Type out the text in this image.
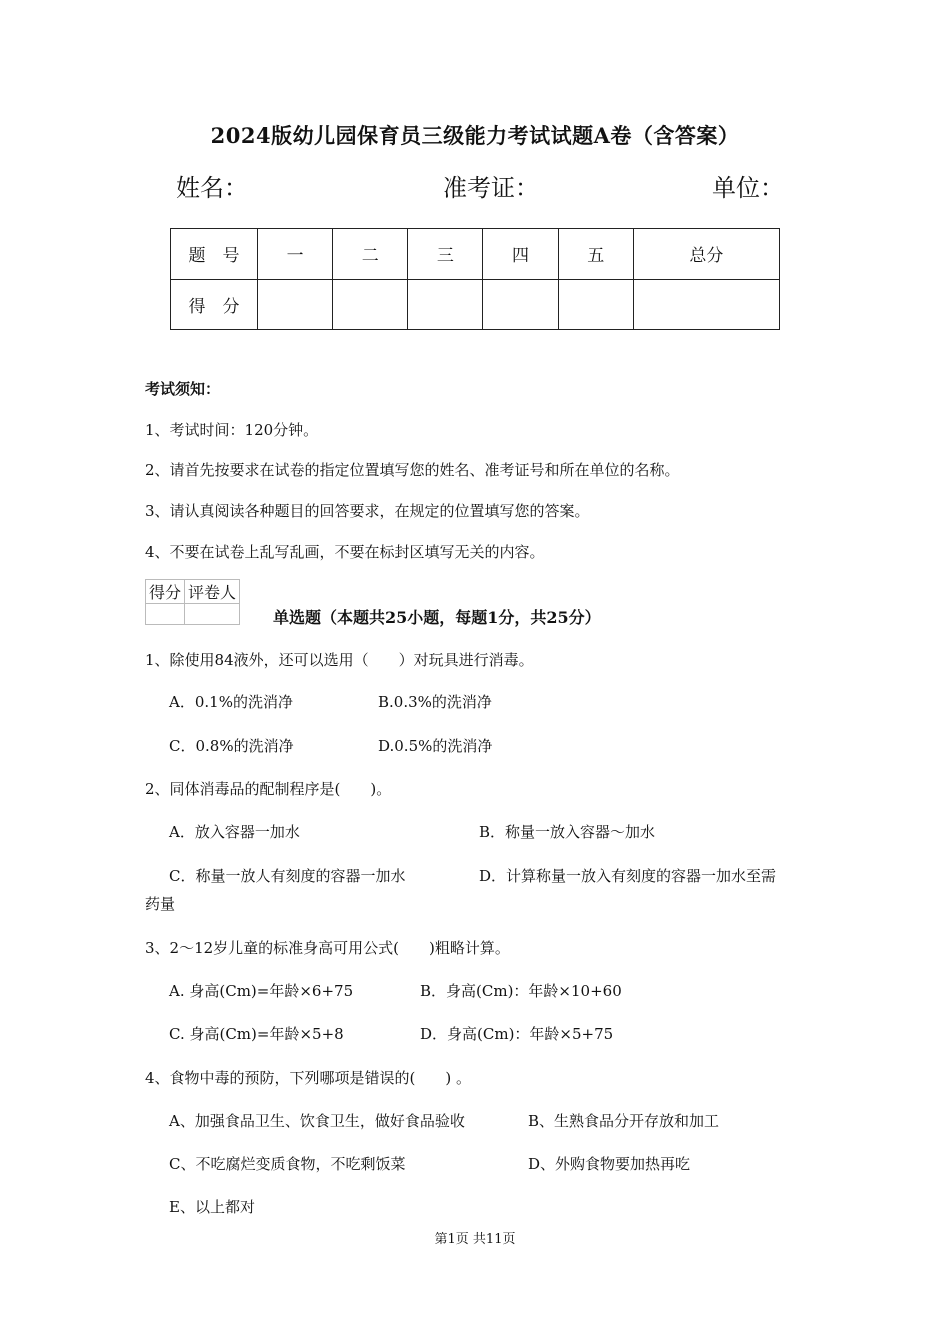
2024版幼儿园保育员三级能力考试试题A卷（含答案）
姓名：	准考证：	单位：
题　号	一	二	三	四	五	总分
得　分						
考试须知：
1、考试时间：120分钟。
2、请首先按要求在试卷的指定位置填写您的姓名、准考证号和所在单位的名称。
3、请认真阅读各种题目的回答要求，在规定的位置填写您的答案。
4、不要在试卷上乱写乱画，不要在标封区填写无关的内容。
得分	评卷人

单选题（本题共25小题，每题1分，共25分）
1、除使用84液外，还可以选用（　　）对玩具进行消毒。
A．0.1%的洗消净	B.0.3%的洗消净
C．0.8%的洗消净	D.0.5%的洗消净
2、同体消毒品的配制程序是(　　)。
A．放入容器一加水	B．称量一放入容器～加水
C．称量一放人有刻度的容器一加水	D．计算称量一放入有刻度的容器一加水至需
药量
3、2～12岁儿童的标准身高可用公式(　　)粗略计算。
A. 身高(Cm)=年龄×6+75	B．身高(Cm)：年龄×10+60
C. 身高(Cm)=年龄×5+8	D．身高(Cm)：年龄×5+75
4、食物中毒的预防，下列哪项是错误的(　　) 。
A、加强食品卫生、饮食卫生，做好食品验收	B、生熟食品分开存放和加工
C、不吃腐烂变质食物，不吃剩饭菜	D、外购食物要加热再吃
E、以上都对
第1页 共11页
